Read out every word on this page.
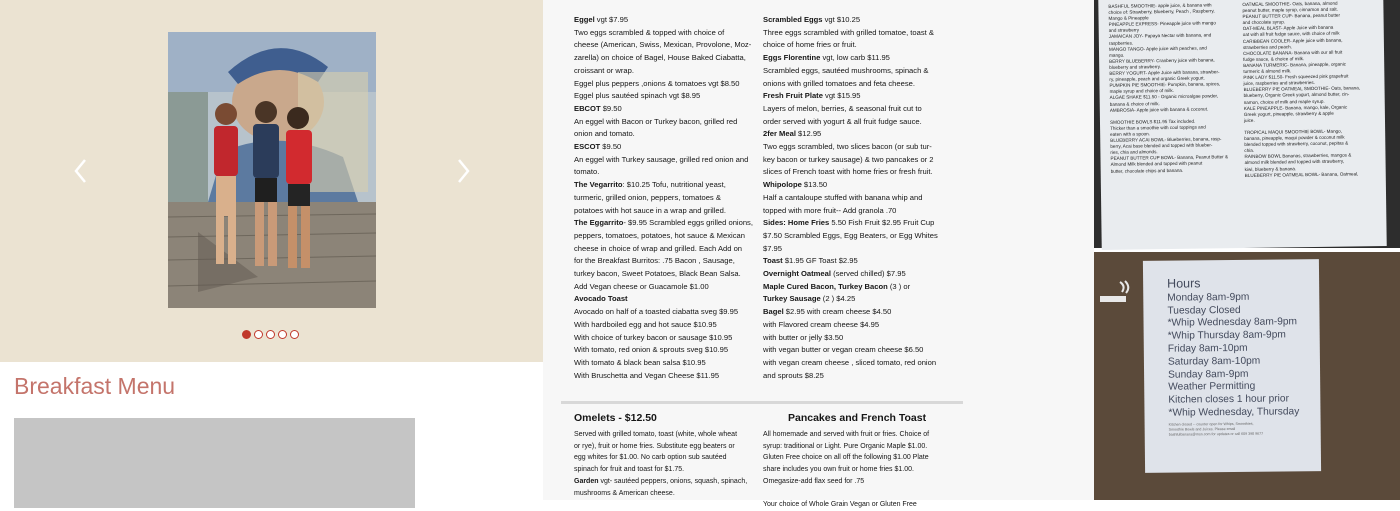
Breakfast Menu

Eggel vgt $7.95

Two eggs scrambled & topped with choice of

cheese (American, Swiss, Mexican, Provolone, Moz-

zarella) on choice of Bagel, House Baked Ciabatta,

croissant or wrap.

Eggel plus peppers ,onions & tomatoes vgt $8.50

Eggel plus sautéed spinach vgt $8.95

EBCOT $9.50

An eggel with Bacon or Turkey bacon, grilled red

onion and tomato.

ESCOT $9.50

An eggel with Turkey sausage, grilled red onion and

tomato.

The Vegarrito: $10.25 Tofu, nutritional yeast,

turmeric, grilled onion, peppers, tomatoes &

potatoes with hot sauce in a wrap and grilled.

The Eggarrito- $9.95 Scrambled eggs grilled onions,

peppers, tomatoes, potatoes, hot sauce & Mexican

cheese in choice of wrap and grilled. Each Add on

for the Breakfast Burritos: .75 Bacon , Sausage,

turkey bacon, Sweet Potatoes, Black Bean Salsa.

Add Vegan cheese or Guacamole $1.00

Avocado Toast

Avocado on half of a toasted ciabatta sveg $9.95

With hardboiled egg and hot sauce $10.95

With choice of turkey bacon or sausage $10.95

With tomato, red onion & sprouts sveg $10.95

With tomato & black bean salsa $10.95

With Bruschetta and Vegan Cheese $11.95

Scrambled Eggs vgt $10.25

Three eggs scrambled with grilled tomatoe, toast &

choice of home fries or fruit.

Eggs Florentine vgt, low carb $11.95

Scrambled eggs, sautéed mushrooms, spinach &

onions with grilled tomatoes and feta cheese.

Fresh Fruit Plate vgt $15.95

Layers of melon, berries, & seasonal fruit cut to

order served with yogurt & all fruit fudge sauce.

2fer Meal $12.95

Two eggs scrambled, two slices bacon (or sub tur-

key bacon or turkey sausage) & two pancakes or 2

slices of French toast with home fries or fresh fruit.

Whipolope $13.50

Half a cantaloupe stuffed with banana whip and

topped with more fruit-- Add granola .70

Sides: Home Fries 5.50 Fish Fruit $2.95 Fruit Cup

$7.50 Scrambled Eggs, Egg Beaters, or Egg Whites

$7.95

Toast $1.95 GF Toast $2.95

Overnight Oatmeal (served chilled) $7.95

Maple Cured Bacon, Turkey Bacon (3 ) or

Turkey Sausage (2 ) $4.25

Bagel $2.95 with cream cheese $4.50

with Flavored cream cheese $4.95

with butter or jelly $3.50

with vegan butter or vegan cream cheese $6.50

with vegan cream cheese , sliced tomato, red onion

and sprouts $8.25

Omelets - $12.50

Served with grilled tomato, toast (white, whole wheat

or rye), fruit or home fries. Substitute egg beaters or

egg whites for $1.00. No carb option sub sautéed

spinach for fruit and toast for $1.75.

Garden vgt- sautéed peppers, onions, squash, spinach,

mushrooms & American cheese.

Pancakes and French Toast

All homemade and served with fruit or fries. Choice of

syrup: traditional or Light. Pure Organic Maple $1.00.

Gluten Free choice on all off the following $1.00 Plate

share includes you own fruit or home fries $1.00.

Omegasize-add flax seed for .75

Your choice of Whole Grain Vegan or Gluten Free

BASHFUL SMOOTHIE- apple juice, & banana with

choice of: Strawberry, Blueberry, Peach , Raspberry,

Mango & Pineapple

PINEAPPLE EXPRESS- Pineapple juice with mango

and strawberry

JAMAICAN JOY- Papaya Nectar with banana, and

raspberries.

MANGO TANGO- Apple juice with peaches, and

mango.

BERRY BLUEBERRY- Cranberry juice with banana,

blueberry and strawberry.

BERRY YOGURT- Apple Juice with banana, strawber-

ry, pineapple, peach and organic Greek yogurt.

PUMPKIN PIE SMOOTHIE- Pumpkin, banana, spices,

maple syrup and choice of milk.

ALGAE SHAKE $11.50 - Organic microalgae powder,

banana & choice of milk.

AMBROSIA- Apple juice with banana & coconut.

SMOOTHIE BOWLS $11.95 Tax included.

Thicker than a smoothie with cool toppings and

eaten with a spoon.

BLUEBERRY ACAI BOWL- Blueberries, banana, rasp-

berry, Acai base blended and topped with blueber-

ries, chia and almonds.

PEANUT BUTTER CUP BOWL- Banana, Peanut Butter &

Almond Milk blended and topped with peanut

butter, chocolate chips and banana.

OATMEAL SMOOTHIE- Oats, banana, almond

peanut butter, maple syrup, cinnamon and salt.

PEANUT BUTTER CUP- Banana, peanut butter

and chocolate syrup.

OAT-MEAL BLAST- Apple Juice with banana

oat with all fruit fudge sauce, with choice of milk

CARIBBEAN COOLER- Apple juice with banana,

strawberries and peach.

CHOCOLATE BANANA- Banana with our all fruit

fudge sauce, & choice of milk.

BANANA TURMERIC- Banana, pineapple, organic

turmeric & almond milk.

PINK LADY $11.50- Fresh squeezed pink grapefruit

juice, raspberries and strawberries.

BLUEBERRY PIE OATMEAL SMOOTHIE- Oats, banana,

blueberry, Organic Greek yogurt, almond butter, cin-

namon, choice of milk and maple syrup.

KALE PINEAPPLE- Banana, mango, kale, Organic

Greek yogurt, pineapple, strawberry & apple

juice.

TROPICAL MAQUI SMOOTHIE BOWL- Mango,

banana, pineapple, maqui powder & coconut milk

blended topped with strawberry, coconut, pepitas &

chia.

RAINBOW BOWL Bananas, strawberries, mangos &

almond milk blended and topped with strawberry,

kiwi, blueberry & banana.

BLUEBERRY PIE OATMEAL BOWL- Banana, Oatmeal,

Hours

Monday 8am-9pm

Tuesday Closed

*Whip Wednesday 8am-9pm

*Whip Thursday 8am-9pm

Friday 8am-10pm

Saturday 8am-10pm

Sunday 8am-9pm

Weather Permitting

Kitchen closes 1 hour prior

*Whip Wednesday, Thursday

Kitchen closed -- counter open for Whips, Smoothies,

Smoothie Bowls and Juices. Please email

bashfulbanana@msn.com for updates or call 609 398 9677
